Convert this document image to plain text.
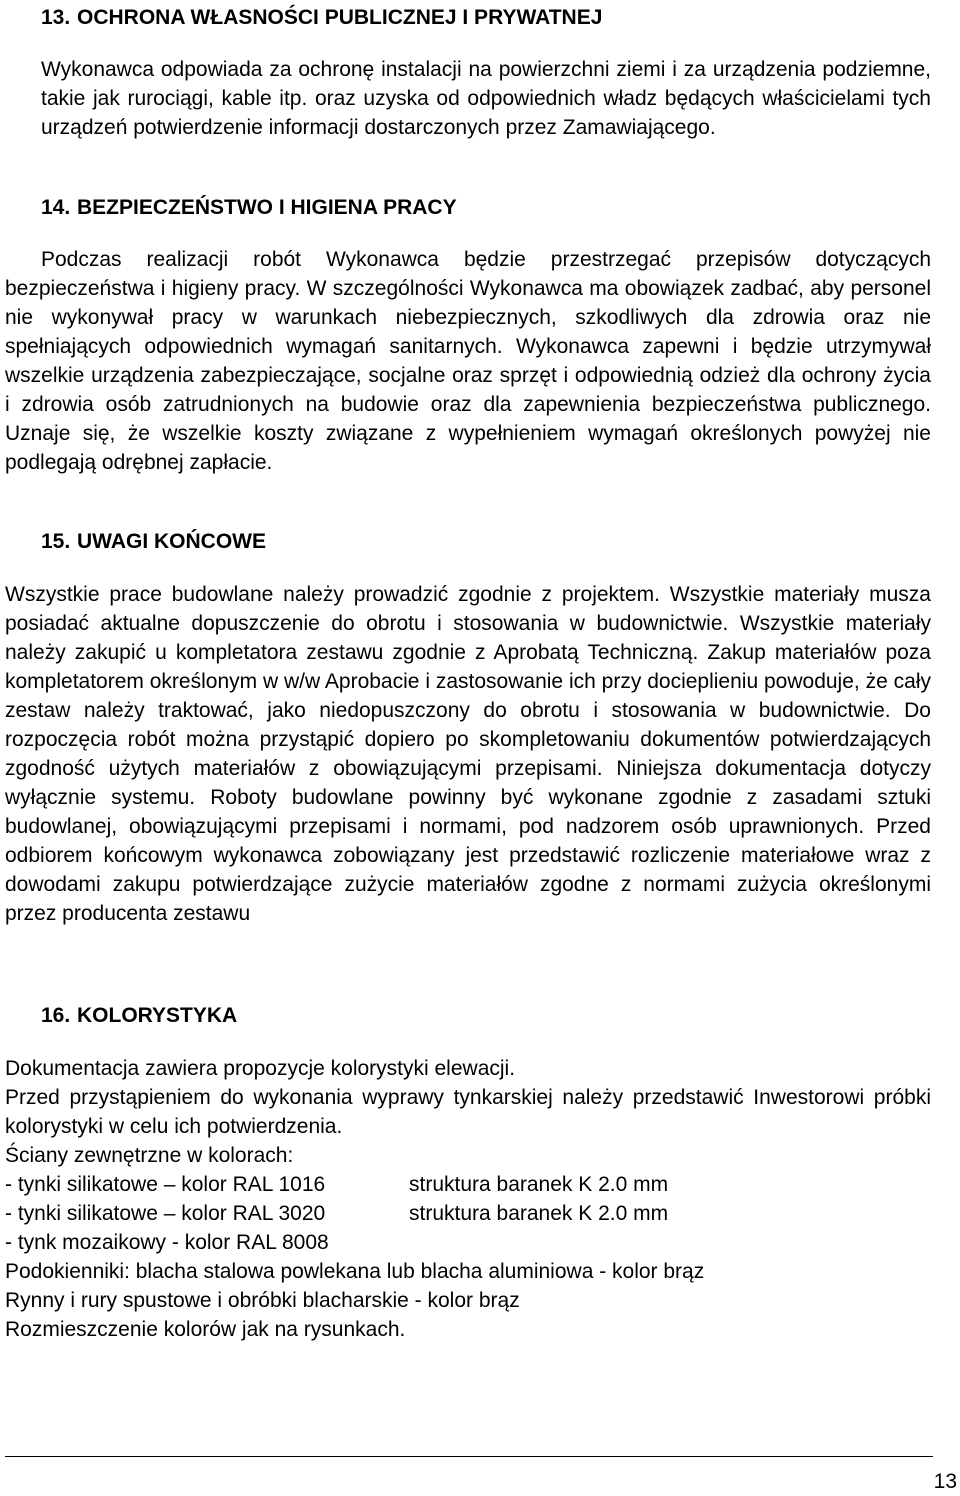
13. OCHRONA WŁASNOŚCI PUBLICZNEJ I PRYWATNEJ

Wykonawca odpowiada za ochronę instalacji na powierzchni ziemi i za urządzenia podziemne, takie jak rurociągi, kable itp. oraz uzyska od odpowiednich władz będących właścicielami tych urządzeń potwierdzenie informacji dostarczonych przez Zamawiającego.

14. BEZPIECZEŃSTWO I HIGIENA PRACY

Podczas realizacji robót Wykonawca będzie przestrzegać przepisów dotyczących bezpieczeństwa i higieny pracy. W szczególności Wykonawca ma obowiązek zadbać, aby personel nie wykonywał pracy w warunkach niebezpiecznych, szkodliwych dla zdrowia oraz nie spełniających odpowiednich wymagań sanitarnych. Wykonawca zapewni i będzie utrzymywał wszelkie urządzenia zabezpieczające, socjalne oraz sprzęt i odpowiednią odzież dla ochrony życia i zdrowia osób zatrudnionych na budowie oraz dla zapewnienia bezpieczeństwa publicznego. Uznaje się, że wszelkie koszty związane z wypełnieniem wymagań określonych powyżej nie podlegają odrębnej zapłacie.

15. UWAGI KOŃCOWE

Wszystkie prace budowlane należy prowadzić zgodnie z projektem. Wszystkie materiały musza posiadać aktualne dopuszczenie do obrotu i stosowania w budownictwie. Wszystkie materiały należy zakupić u kompletatora zestawu zgodnie z Aprobatą Techniczną. Zakup materiałów poza kompletatorem określonym w w/w Aprobacie i zastosowanie ich przy docieplieniu powoduje, że cały zestaw należy traktować, jako niedopuszczony do obrotu i stosowania w budownictwie. Do rozpoczęcia robót można przystąpić dopiero po skompletowaniu dokumentów potwierdzających zgodność użytych materiałów z obowiązującymi przepisami. Niniejsza dokumentacja dotyczy wyłącznie systemu. Roboty budowlane powinny być wykonane zgodnie z zasadami sztuki budowlanej, obowiązującymi przepisami i normami, pod nadzorem osób uprawnionych. Przed odbiorem końcowym wykonawca zobowiązany jest przedstawić rozliczenie materiałowe wraz z dowodami zakupu potwierdzające zużycie materiałów zgodne z normami zużycia określonymi przez producenta zestawu

16. KOLORYSTYKA

Dokumentacja zawiera propozycje kolorystyki elewacji.

Przed przystąpieniem do wykonania wyprawy tynkarskiej należy przedstawić Inwestorowi próbki kolorystyki w celu ich potwierdzenia.

Ściany zewnętrzne w kolorach:
- tynki silikatowe – kolor RAL 1016	struktura baranek K 2.0 mm
- tynki silikatowe – kolor RAL 3020	struktura baranek K 2.0 mm
- tynk mozaikowy - kolor RAL 8008
Podokienniki: blacha stalowa powlekana lub blacha aluminiowa - kolor brąz
Rynny i rury spustowe i obróbki blacharskie - kolor brąz
Rozmieszczenie kolorów jak na rysunkach.
13
